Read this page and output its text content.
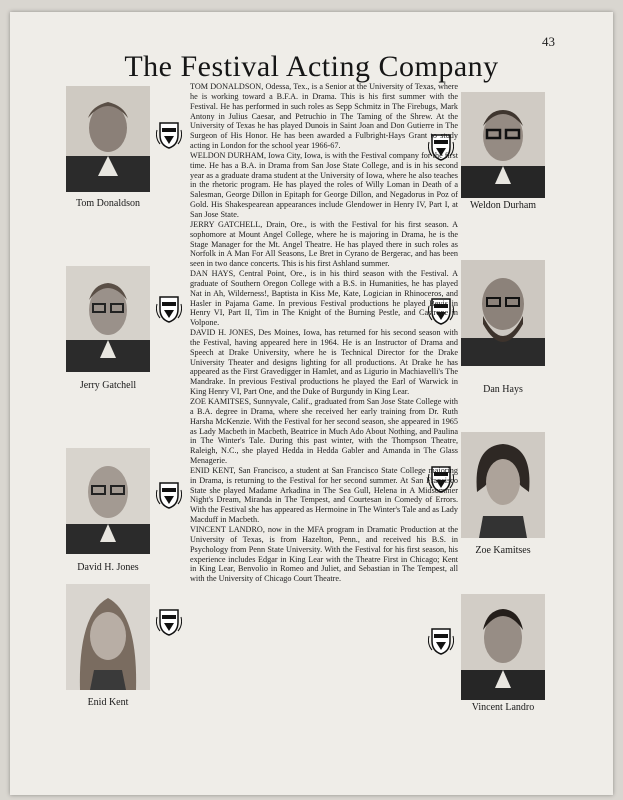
43
The Festival Acting Company
Tom Donaldson
Jerry Gatchell
David H. Jones
Enid Kent
Weldon Durham
Dan Hays
Zoe Kamitses
Vincent Landro

TOM DONALDSON, Odessa, Tex., is a Senior at the University of Texas, where he is working toward a B.F.A. in Drama. This is his first summer with the Festival. He has performed in such roles as Sepp Schmitz in The Firebugs, Mark Antony in Julius Caesar, and Petruchio in The Taming of the Shrew. At the University of Texas he has played Dunois in Saint Joan and Don Gutierre in The Surgeon of His Honor. He has been awarded a Fulbright-Hays Grant to study acting in London for the school year 1966-67.

WELDON DURHAM, Iowa City, Iowa, is with the Festival company for the first time. He has a B.A. in Drama from San Jose State College, and is in his second year as a graduate drama student at the University of Iowa, where he also teaches in the rhetoric program. He has played the roles of Willy Loman in Death of a Salesman, George Dillon in Epitaph for George Dillon, and Negadorus in Poz of Gold. His Shakespearean appearances include Glendower in Henry IV, Part I, at San Jose State.

JERRY GATCHELL, Drain, Ore., is with the Festival for his first season. A sophomore at Mount Angel College, where he is majoring in Drama, he is the Stage Manager for the Mt. Angel Theatre. He has played there in such roles as Norfolk in A Man For All Seasons, Le Bret in Cyrano de Bergerac, and has been seen in two dance concerts. This is his first Ashland summer.

DAN HAYS, Central Point, Ore., is in his third season with the Festival. A graduate of Southern Oregon College with a B.S. in Humanities, he has played Nat in Ah, Wilderness!, Baptista in Kiss Me, Kate, Logician in Rhinoceros, and Hasler in Pajama Game. In previous Festival productions he played Bevis in Henry VI, Part II, Tim in The Knight of the Burning Pestle, and Castrone in Volpone.

DAVID H. JONES, Des Moines, Iowa, has returned for his second season with the Festival, having appeared here in 1964. He is an Instructor of Drama and Speech at Drake University, where he is Technical Director for the Drake University Theater and designs lighting for all productions. At Drake he has appeared as the First Gravedigger in Hamlet, and as Ligurio in Machiavelli's The Mandrake. In previous Festival productions he played the Earl of Warwick in King Henry VI, Part One, and the Duke of Burgundy in King Lear.

ZOE KAMITSES, Sunnyvale, Calif., graduated from San Jose State College with a B.A. degree in Drama, where she received her early training from Dr. Ruth Harsha McKenzie. With the Festival for her second season, she appeared in 1965 as Lady Macbeth in Macbeth, Beatrice in Much Ado About Nothing, and Paulina in The Winter's Tale. During this past winter, with the Thompson Theatre, Raleigh, N.C., she played Hedda in Hedda Gabler and Amanda in The Glass Menagerie.

ENID KENT, San Francisco, a student at San Francisco State College majoring in Drama, is returning to the Festival for her second summer. At San Francisco State she played Madame Arkadina in The Sea Gull, Helena in A Midsummer Night's Dream, Miranda in The Tempest, and Courtesan in Comedy of Errors. With the Festival she has appeared as Hermoine in The Winter's Tale and as Lady Macduff in Macbeth.

VINCENT LANDRO, now in the MFA program in Dramatic Production at the University of Texas, is from Hazelton, Penn., and received his B.S. in Psychology from Penn State University. With the Festival for his first season, his experience includes Edgar in King Lear with the Theatre First in Chicago; Kent in King Lear, Benvolio in Romeo and Juliet, and Sebastian in The Tempest, all with the University of Chicago Court Theatre.
